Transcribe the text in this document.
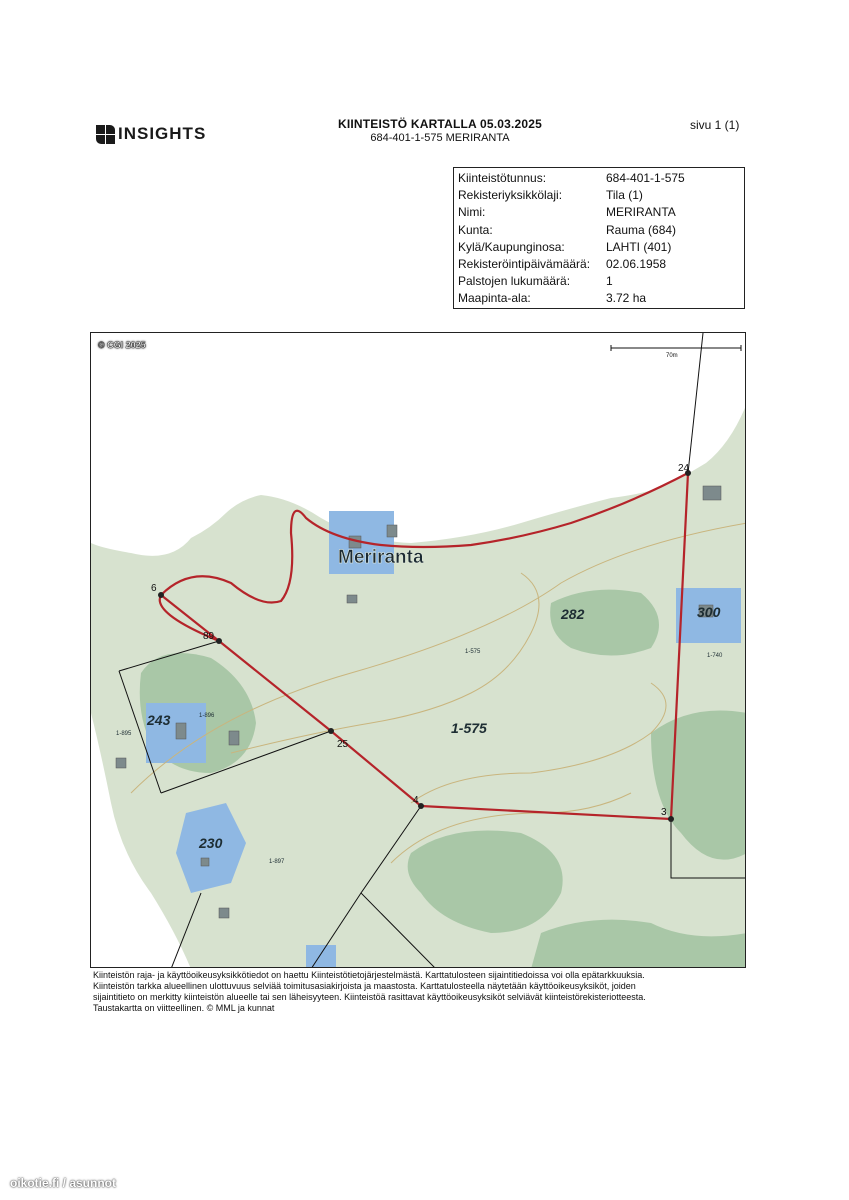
INSIGHTS	KIINTEISTÖ KARTALLA 05.03.2025
684-401-1-575 MERIRANTA
sivu 1 (1)
Kiinteistötunnus:	684-401-1-575
Rekisteriyksikkölaji:	Tila (1)
Nimi:	MERIRANTA
Kunta:	Rauma (684)
Kylä/Kaupunginosa:	LAHTI (401)
Rekisteröintipäivämäärä:	02.06.1958
Palstojen lukumäärä:	1
Maapinta-ala:	3.72 ha
24
6
89
25
4
3
70m
Meriranta
282	300
243
230
1-575
1-575
1-740
1-896
1-895
1-897
© CGI 2025
Kiinteistön raja- ja käyttöoikeusyksikkötiedot on haettu Kiinteistötietojärjestelmästä. Karttatulosteen sijaintitiedoissa voi olla epätarkkuuksia.
Kiinteistön tarkka alueellinen ulottuvuus selviää toimitusasiakirjoista ja maastosta. Karttatulosteella näytetään käyttöoikeusyksiköt, joiden
sijaintitieto on merkitty kiinteistön alueelle tai sen läheisyyteen. Kiinteistöä rasittavat käyttöoikeusyksiköt selviävät kiinteistörekisteriotteesta.
Taustakartta on viitteellinen. © MML ja kunnat
oikotie.fi / asunnot
